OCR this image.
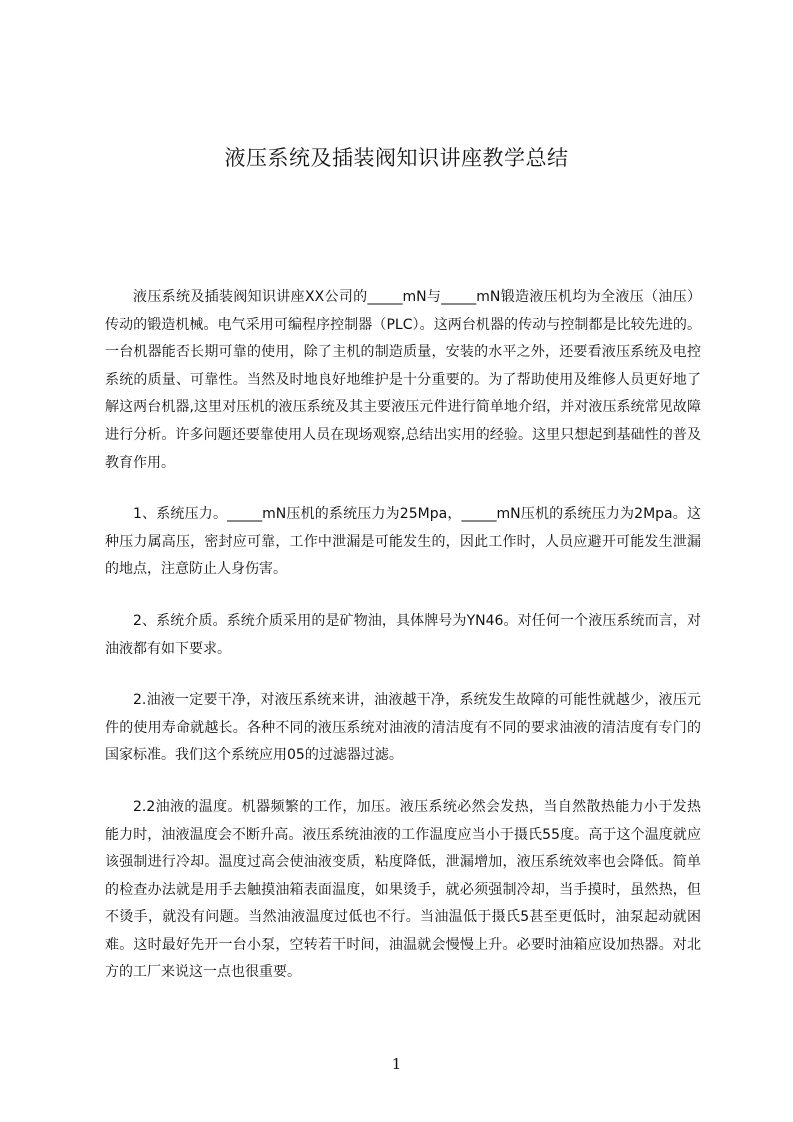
液压系统及插装阀知识讲座教学总结

液压系统及插装阀知识讲座XX公司的_____mN与_____mN锻造液压机均为全液压（油压）传动的锻造机械。电气采用可编程序控制器（PLC）。这两台机器的传动与控制都是比较先进的。一台机器能否长期可靠的使用，除了主机的制造质量，安装的水平之外，还要看液压系统及电控系统的质量、可靠性。当然及时地良好地维护是十分重要的。为了帮助使用及维修人员更好地了解这两台机器,这里对压机的液压系统及其主要液压元件进行简单地介绍，并对液压系统常见故障进行分析。许多问题还要靠使用人员在现场观察,总结出实用的经验。这里只想起到基础性的普及教育作用。

1、系统压力。_____mN压机的系统压力为25Mpa，_____mN压机的系统压力为2Mpa。这种压力属高压，密封应可靠，工作中泄漏是可能发生的，因此工作时，人员应避开可能发生泄漏的地点，注意防止人身伤害。

2、系统介质。系统介质采用的是矿物油，具体牌号为YN46。对任何一个液压系统而言，对油液都有如下要求。

2.油液一定要干净，对液压系统来讲，油液越干净，系统发生故障的可能性就越少，液压元件的使用寿命就越长。各种不同的液压系统对油液的清洁度有不同的要求油液的清洁度有专门的国家标准。我们这个系统应用05的过滤器过滤。

2.2油液的温度。机器频繁的工作，加压。液压系统必然会发热，当自然散热能力小于发热能力时，油液温度会不断升高。液压系统油液的工作温度应当小于摄氏55度。高于这个温度就应该强制进行冷却。温度过高会使油液变质，粘度降低，泄漏增加，液压系统效率也会降低。简单的检查办法就是用手去触摸油箱表面温度，如果烫手，就必须强制冷却，当手摸时，虽然热，但不烫手，就没有问题。当然油液温度过低也不行。当油温低于摄氏5甚至更低时，油泵起动就困难。这时最好先开一台小泵，空转若干时间，油温就会慢慢上升。必要时油箱应设加热器。对北方的工厂来说这一点也很重要。

1
